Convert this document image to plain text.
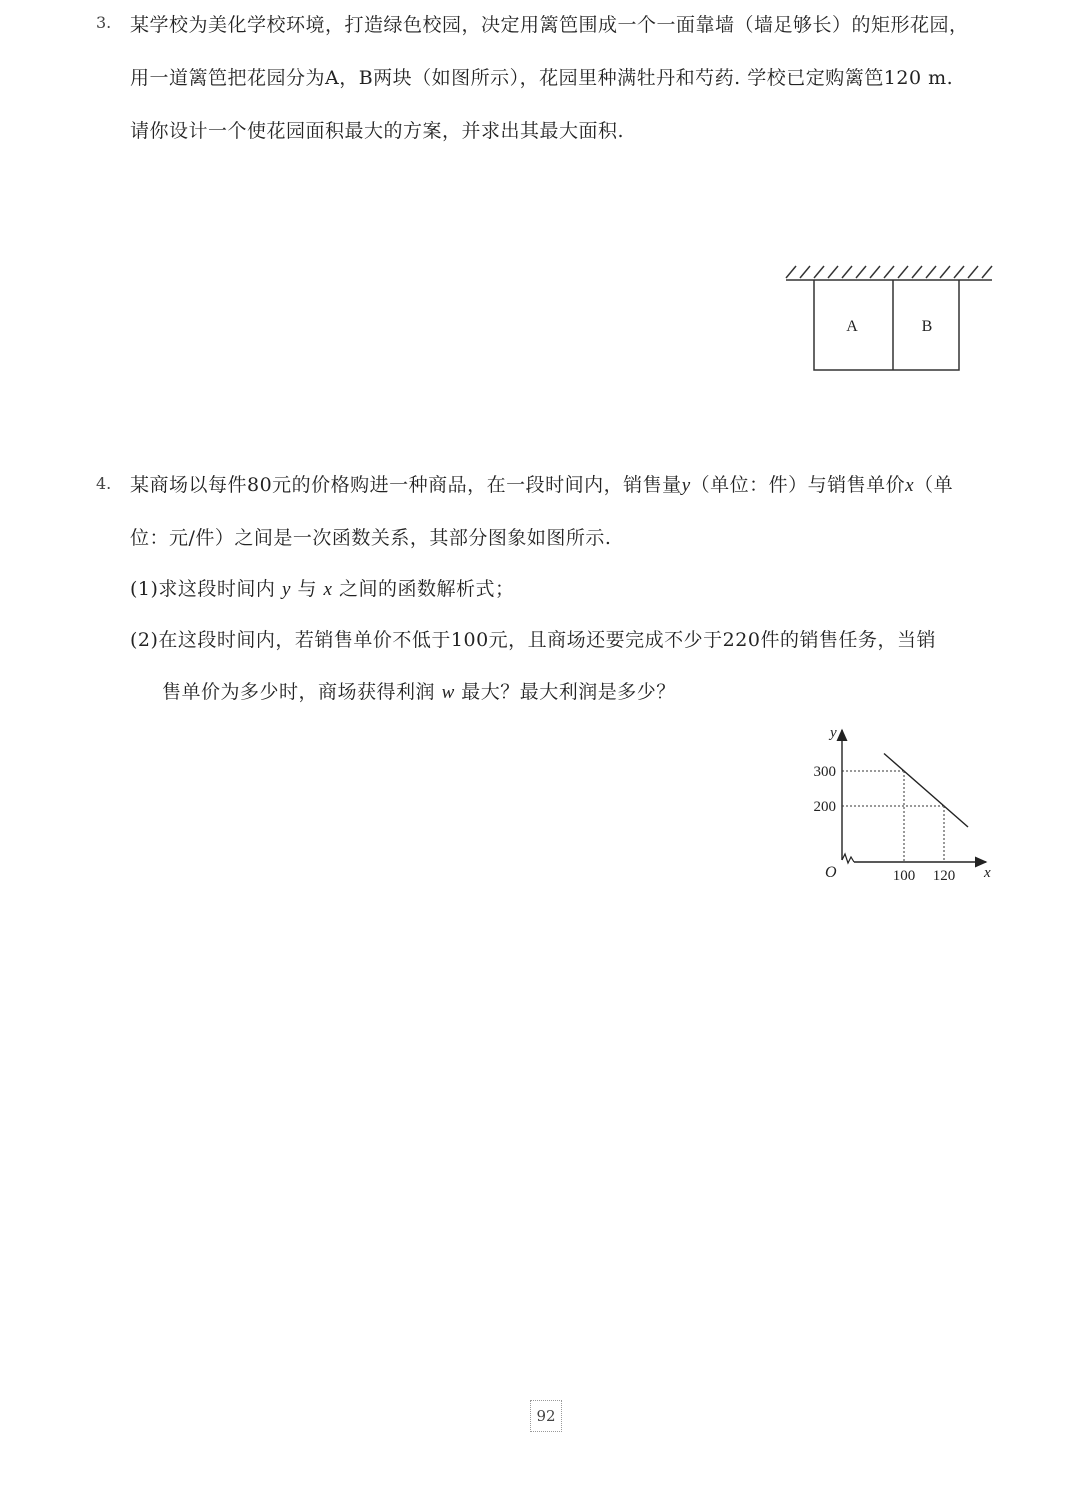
3. 某学校为美化学校环境，打造绿色校园，决定用篱笆围成一个一面靠墙（墙足够长）的矩形花园，
用一道篱笆把花园分为A，B两块（如图所示），花园里种满牡丹和芍药. 学校已定购篱笆120 m.
请你设计一个使花园面积最大的方案，并求出其最大面积.
A	B
4. 某商场以每件80元的价格购进一种商品，在一段时间内，销售量y（单位：件）与销售单价x（单
位：元/件）之间是一次函数关系，其部分图象如图所示.
(1)求这段时间内 y 与 x 之间的函数解析式；
(2)在这段时间内，若销售单价不低于100元，且商场还要完成不少于220件的销售任务，当销
售单价为多少时，商场获得利润 w 最大？最大利润是多少？
300
200
100 120
y
x
O
92
